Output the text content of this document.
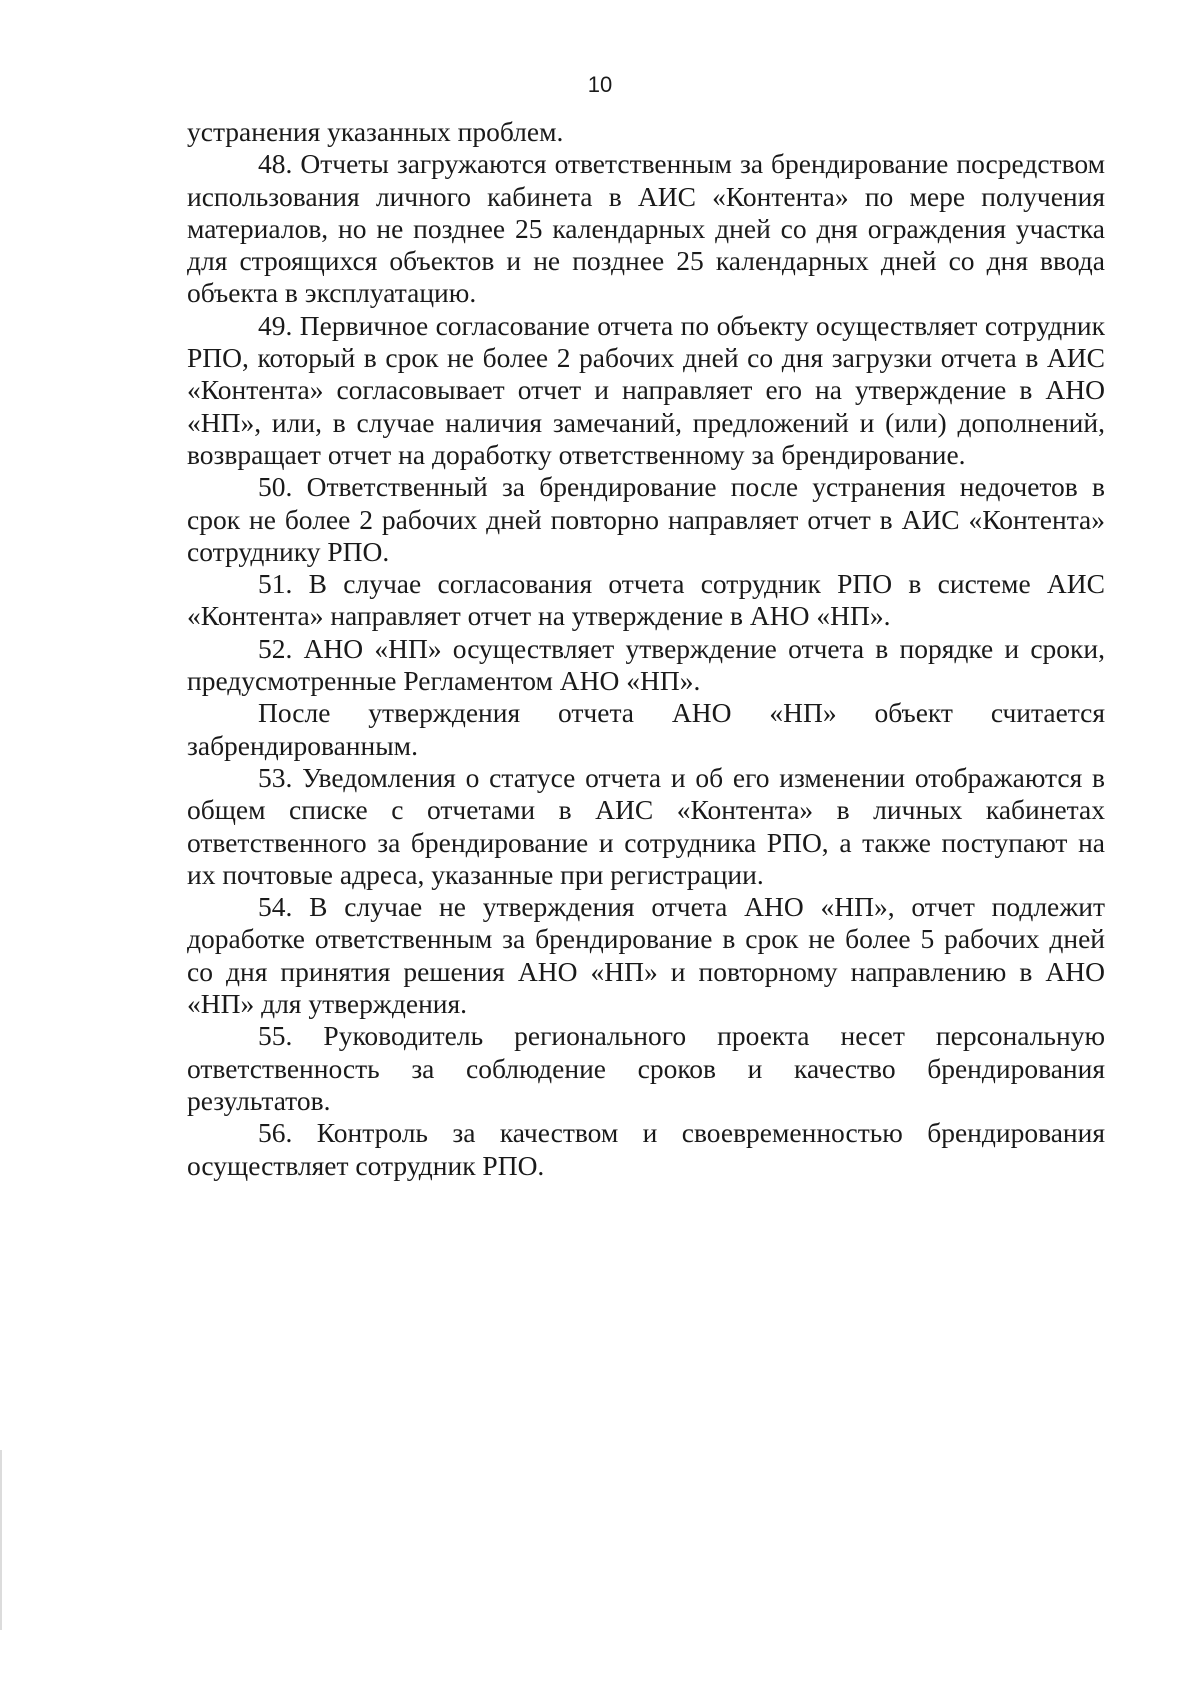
10

устранения указанных проблем.

48. Отчеты загружаются ответственным за брендирование посредством использования личного кабинета в АИС «Контента» по мере получения материалов, но не позднее 25 календарных дней со дня ограждения участка для строящихся объектов и не позднее 25 календарных дней со дня ввода объекта в эксплуатацию.

49. Первичное согласование отчета по объекту осуществляет сотрудник РПО, который в срок не более 2 рабочих дней со дня загрузки отчета в АИС «Контента» согласовывает отчет и направляет его на утверждение в АНО «НП», или, в случае наличия замечаний, предложений и (или) дополнений, возвращает отчет на доработку ответственному за брендирование.

50. Ответственный за брендирование после устранения недочетов в срок не более 2 рабочих дней повторно направляет отчет в АИС «Контента» сотруднику РПО.

51. В случае согласования отчета сотрудник РПО в системе АИС «Контента» направляет отчет на утверждение в АНО «НП».

52. АНО «НП» осуществляет утверждение отчета в порядке и сроки, предусмотренные Регламентом АНО «НП».

После утверждения отчета АНО «НП» объект считается забрендированным.

53. Уведомления о статусе отчета и об его изменении отображаются в общем списке с отчетами в АИС «Контента» в личных кабинетах ответственного за брендирование и сотрудника РПО, а также поступают на их почтовые адреса, указанные при регистрации.

54. В случае не утверждения отчета АНО «НП», отчет подлежит доработке ответственным за брендирование в срок не более 5 рабочих дней со дня принятия решения АНО «НП» и повторному направлению в АНО «НП» для утверждения.

55. Руководитель регионального проекта несет персональную ответственность за соблюдение сроков и качество брендирования результатов.

56. Контроль за качеством и своевременностью брендирования осуществляет сотрудник РПО.
